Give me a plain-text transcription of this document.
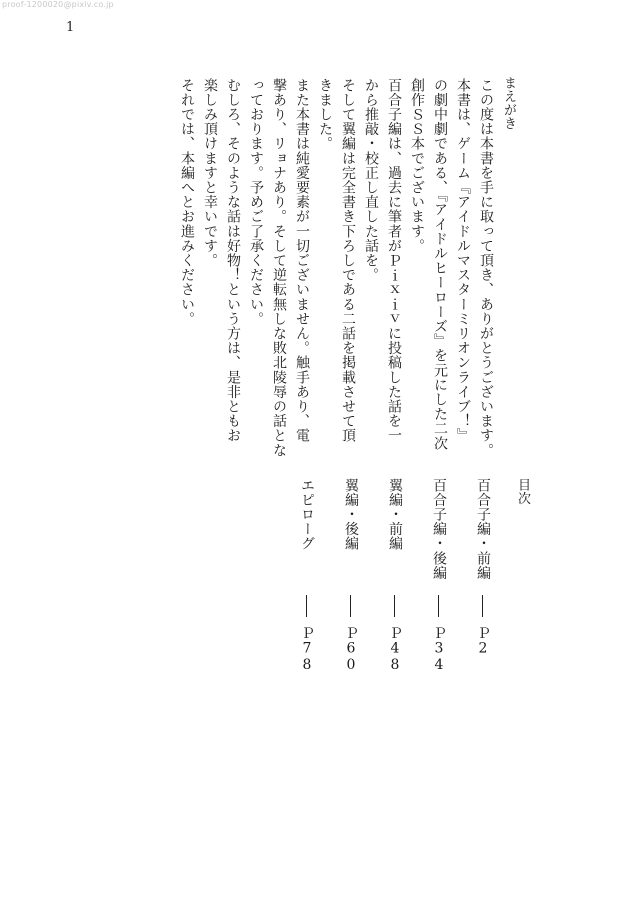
proof-1200020@pixiv.co.jp
1
まえがき
この度は本書を手に取って頂き、ありがとうございます。
本書は、ゲーム『アイドルマスターミリオンライブ！』
の劇中劇である、『アイドルヒーローズ』を元にした二次
創作ＳＳ本でございます。
百合子編は、過去に筆者がＰｉｘｉｖに投稿した話を一
から推敲・校正し直した話を。
そして翼編は完全書き下ろしである二話を掲載させて頂
きました。
また本書は純愛要素が一切ございません。触手あり、電
撃あり、リョナあり。そして逆転無しな敗北陵辱の話とな
っております。予めご了承ください。
むしろ、そのような話は好物！という方は、是非ともお
楽しみ頂けますと幸いです。
それでは、本編へとお進みください。
目次
百合子編・前編
Ｐ2
百合子編・後編
Ｐ34
翼編・前編
Ｐ48
翼編・後編
Ｐ60
エピローグ
Ｐ78
